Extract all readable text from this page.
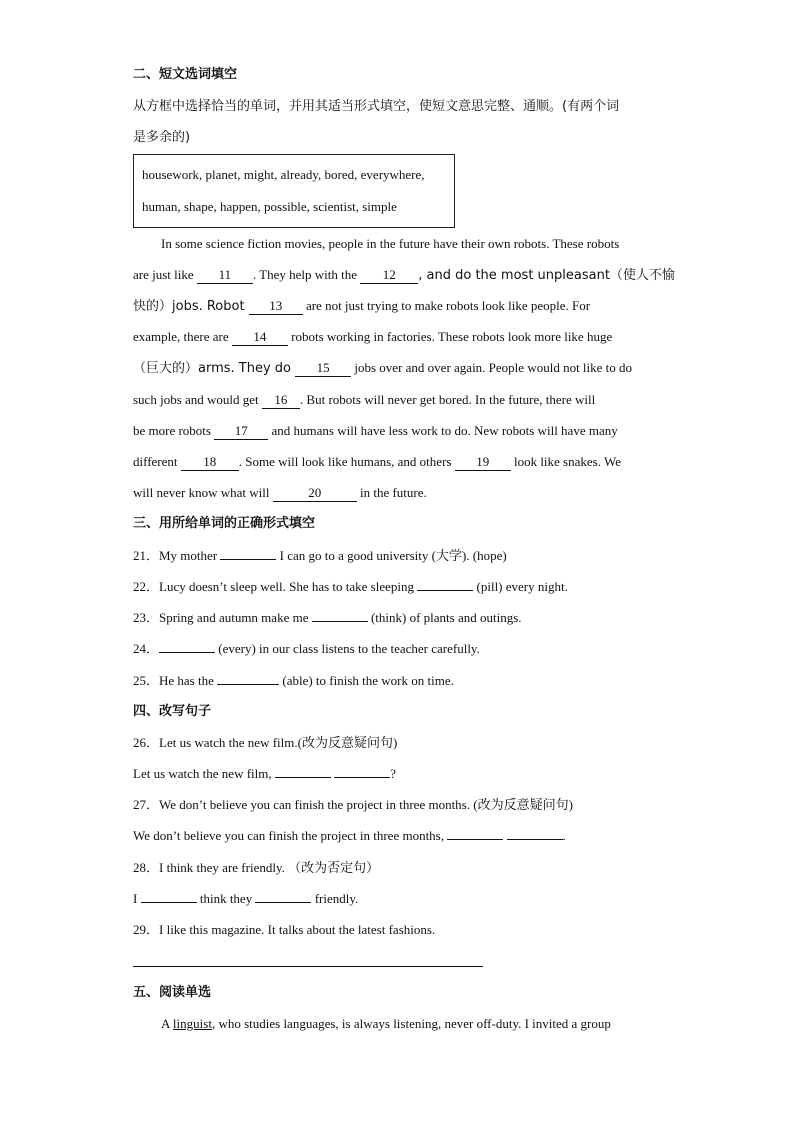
二、短文选词填空
从方框中选择恰当的单词，并用其适当形式填空，使短文意思完整、通顺。(有两个词
是多余的)
housework, planet, might, already, bored, everywhere,
human, shape, happen, possible, scientist, simple
In some science fiction movies, people in the future have their own robots. These robots
are just like 11 . They help with the 12 , and do the most unpleasant（使人不愉
快的）jobs. Robot 13 are not just trying to make robots look like people. For
example, there are 14 robots working in factories. These robots look more like huge
（巨大的）arms. They do 15 jobs over and over again. People would not like to do
such jobs and would get 16 . But robots will never get bored. In the future, there will
be more robots 17 and humans will have less work to do. New robots will have many
different 18 . Some will look like humans, and others 19 look like snakes. We
will never know what will	20	in the future.
三、用所给单词的正确形式填空
21．My mother	I can go to a good university (大学). (hope)
22．Lucy doesn’t sleep well. She has to take sleeping	(pill) every night.
23．Spring and autumn make me	(think) of plants and outings.
24．	(every) in our class listens to the teacher carefully.
25．He has the	(able) to finish the work on time.
四、改写句子
26．Let us watch the new film.(改为反意疑问句)
Let us watch the new film,	?
27．We don’t believe you can finish the project in three months. (改为反意疑问句)
We don’t believe you can finish the project in three months,	.
28．I think they are friendly. （改为否定句）
I	think they	friendly.
29．I like this magazine. It talks about the latest fashions.
五、阅读单选
A linguist, who studies languages, is always listening, never off-duty. I invited a group
